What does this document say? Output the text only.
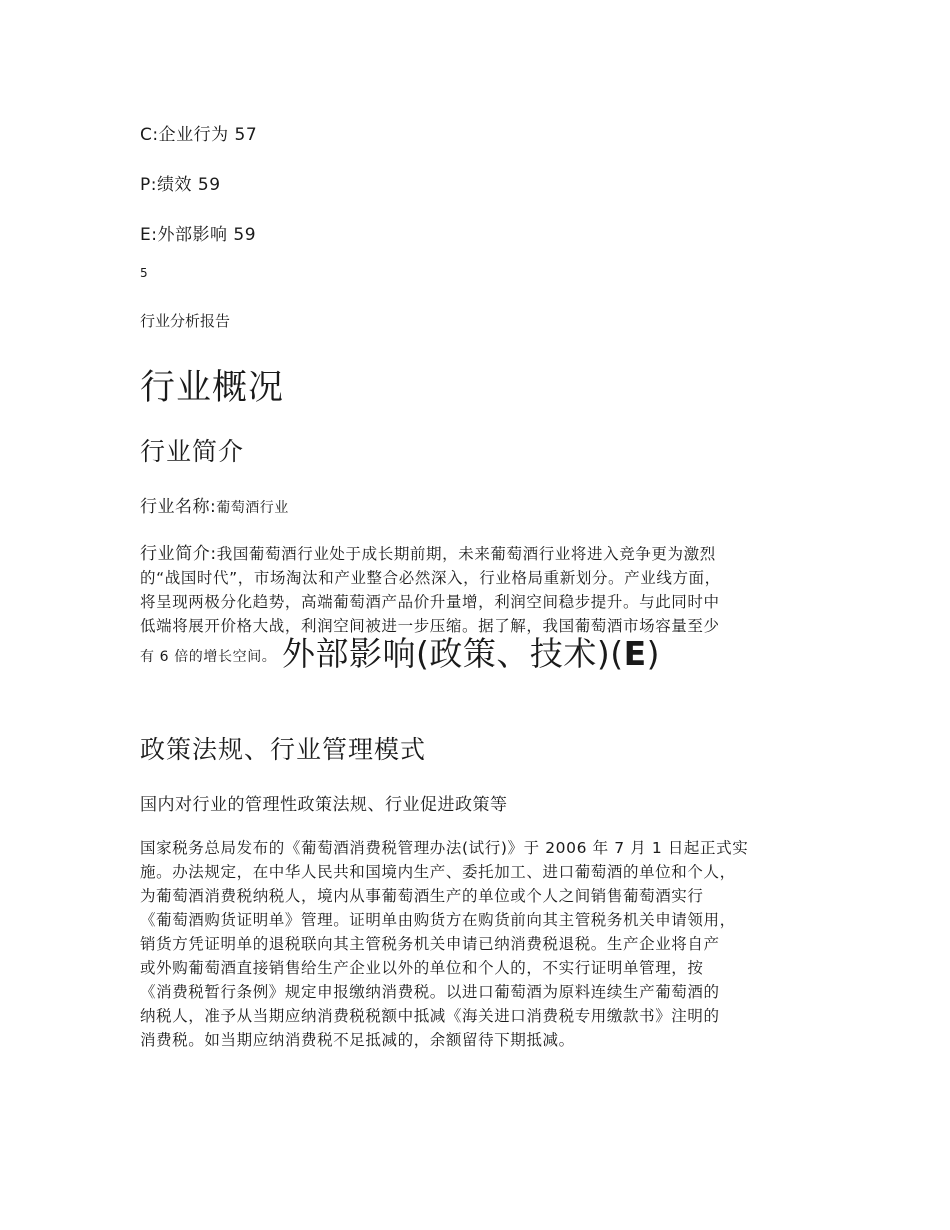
C:企业行为 57
P:绩效 59
E:外部影响 59
5
行业分析报告
行业概况
行业简介
行业名称:葡萄酒行业
行业简介:我国葡萄酒行业处于成长期前期，未来葡萄酒行业将进入竞争更为激烈
的“战国时代”，市场淘汰和产业整合必然深入，行业格局重新划分。产业线方面，
将呈现两极分化趋势，高端葡萄酒产品价升量增，利润空间稳步提升。与此同时中
低端将展开价格大战，利润空间被进一步压缩。据了解，我国葡萄酒市场容量至少
有 6 倍的增长空间。 外部影响(政策、技术)(E)
政策法规、行业管理模式
国内对行业的管理性政策法规、行业促进政策等
国家税务总局发布的《葡萄酒消费税管理办法(试行)》于 2006 年 7 月 1 日起正式实
施。办法规定，在中华人民共和国境内生产、委托加工、进口葡萄酒的单位和个人，
为葡萄酒消费税纳税人，境内从事葡萄酒生产的单位或个人之间销售葡萄酒实行
《葡萄酒购货证明单》管理。证明单由购货方在购货前向其主管税务机关申请领用，
销货方凭证明单的退税联向其主管税务机关申请已纳消费税退税。生产企业将自产
或外购葡萄酒直接销售给生产企业以外的单位和个人的，不实行证明单管理，按
《消费税暂行条例》规定申报缴纳消费税。以进口葡萄酒为原料连续生产葡萄酒的
纳税人，准予从当期应纳消费税税额中抵减《海关进口消费税专用缴款书》注明的
消费税。如当期应纳消费税不足抵减的，余额留待下期抵减。
